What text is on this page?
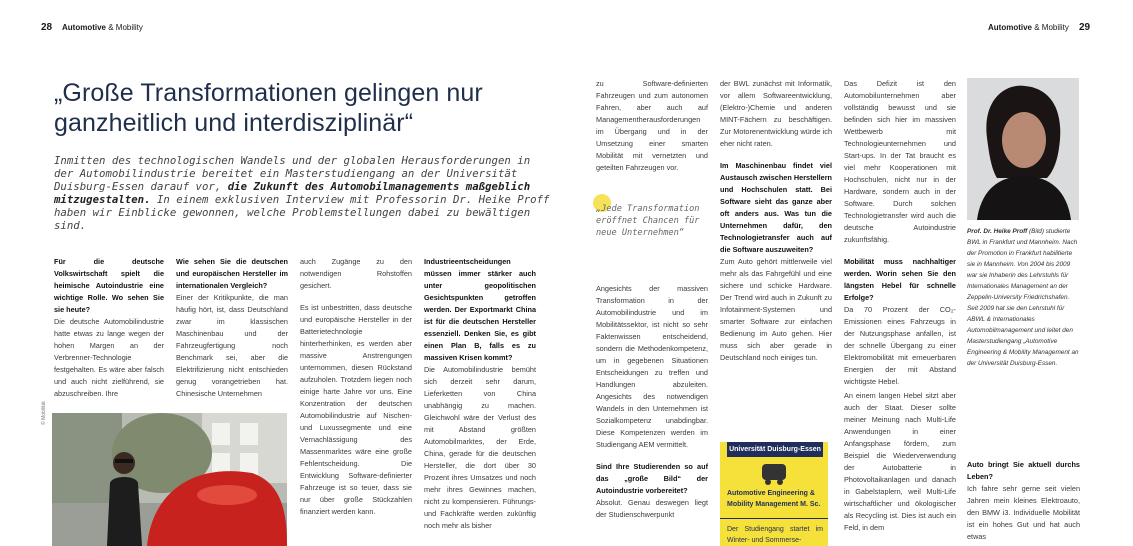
28 Automotive & Mobility	Automotive & Mobility 29
„Große Transformationen gelingen nur ganzheitlich und interdisziplinär“
Inmitten des technologischen Wandels und der globalen Herausforderungen in der Automobilindustrie bereitet ein Masterstudiengang an der Universität Duisburg-Essen darauf vor, die Zukunft des Automobilmanagements maßgeblich mitzugestalten. In einem exklusiven Interview mit Professorin Dr. Heike Proff haben wir Einblicke gewonnen, welche Problemstellungen dabei zu bewältigen sind.

Für die deutsche Volkswirtschaft spielt die heimische Autoindustrie eine wichtige Rolle. Wo sehen Sie sie heute?

Die deutsche Automobilindustrie hatte etwas zu lange wegen der hohen Margen an der Verbrenner-Technologie festgehalten. Es wäre aber falsch und auch nicht zielführend, sie abzuschreiben. Ihre

Wie sehen Sie die deutschen und europäischen Hersteller im internationalen Vergleich?

Einer der Kritikpunkte, die man häufig hört, ist, dass Deutschland zwar im klassischen Maschinenbau und der Fahrzeugfertigung noch Benchmark sei, aber die Elektrifizierung nicht entschieden genug vorangetrieben hat. Chinesische Unternehmen

auch Zugänge zu den notwendigen Rohstoffen gesichert.

Es ist unbestritten, dass deutsche und europäische Hersteller in der Batterietechnologie hinterherhinken, es werden aber massive Anstrengungen unternommen, diesen Rückstand aufzuholen. Trotzdem liegen noch einige harte Jahre vor uns. Eine Konzentration der deutschen Automobilindustrie auf Nischen- und Luxussegmente und eine Vernachlässigung des Massenmarktes wäre eine große Fehlentscheidung. Die Entwicklung Software-definierter Fahrzeuge ist so teuer, dass sie nur über große Stückzahlen finanziert werden kann.

Industrieentscheidungen müssen immer stärker auch unter geopolitischen Gesichtspunkten getroffen werden. Der Exportmarkt China ist für die deutschen Hersteller essenziell. Denken Sie, es gibt einen Plan B, falls es zu massiven Krisen kommt?

Die Automobilindustrie bemüht sich derzeit sehr darum, Lieferketten von China unabhängig zu machen. Gleichwohl wäre der Verlust des mit Abstand größten Automobilmarktes, der Erde, China, gerade für die deutschen Hersteller, die dort über 30 Prozent ihres Umsatzes und noch mehr ihres Gewinnes machen, nicht zu kompensieren. Führungs- und Fachkräfte werden zukünftig noch mehr als bisher

© Mobilität

zu Software-definierten Fahrzeugen und zum autonomen Fahren, aber auch auf Managementherausforderungen im Übergang und in der Umsetzung einer smarten Mobilität mit vernetzten und geteilten Fahrzeugen vor.

„Jede Transformation eröffnet Chancen für neue Unternehmen“

Angesichts der massiven Transformation in der Automobilindustrie und im Mobilitätssektor, ist nicht so sehr Faktenwissen entscheidend, sondern die Methodenkompetenz, um in gegebenen Situationen Entscheidungen zu treffen und Handlungen abzuleiten. Angesichts des notwendigen Wandels in den Unternehmen ist Sozialkompetenz unabdingbar. Diese Kompetenzen werden im Studiengang AEM vermittelt.

Sind Ihre Studierenden so auf das „große Bild“ der Autoindustrie vorbereitet?

Absolut. Genau deswegen liegt der Studienschwerpunkt

der BWL zunächst mit Informatik, vor allem Softwareentwicklung, (Elektro-)Chemie und anderen MINT-Fächern zu beschäftigen. Zur Motorenentwicklung würde ich eher nicht raten.

Im Maschinenbau findet viel Austausch zwischen Herstellern und Hochschulen statt. Bei Software sieht das ganze aber oft anders aus. Was tun die Unternehmen dafür, den Technologietransfer auch auf die Software auszuweiten?

Zum Auto gehört mittlerweile viel mehr als das Fahrgefühl und eine sichere und schicke Hardware. Der Trend wird auch in Zukunft zu Infotainment-Systemen und smarter Software zur einfachen Bedienung im Auto gehen. Hier muss sich aber gerade in Deutschland noch einiges tun.

Automotive Engineering & Mobility Management M. Sc.
Der Studiengang startet im Winter- und Sommerse-
Universität Duisburg-Essen

Das Defizit ist den Automobilunternehmen aber vollständig bewusst und sie befinden sich hier im massiven Wettbewerb mit Technologieunternehmen und Start-ups. In der Tat braucht es viel mehr Kooperationen mit Hochschulen, nicht nur in der Hardware, sondern auch in der Software. Durch solchen Technologietransfer wird auch die deutsche Autoindustrie zukunftsfähig.

Mobilität muss nachhaltiger werden. Worin sehen Sie den längsten Hebel für schnelle Erfolge?

Da 70 Prozent der CO₂-Emissionen eines Fahrzeugs in der Nutzungsphase anfallen, ist der schnelle Übergang zu einer Elektromobilität mit erneuerbaren Energien der mit Abstand wichtigste Hebel.

An einem langen Hebel sitzt aber auch der Staat. Dieser sollte meiner Meinung nach Multi-Life Anwendungen in einer Anfangsphase fördern, zum Beispiel die Wiederverwendung der Autobatterie in Photovoltaikanlagen und danach in Gabelstaplern, weil Multi-Life wirtschaftlicher und ökologischer als Recycling ist. Dies ist auch ein Feld, in dem

Prof. Dr. Heike Proff (Bild) studierte BWL in Frankfurt und Mannheim. Nach der Promotion in Frankfurt habilitierte sie in Mannheim. Von 2004 bis 2009 war sie Inhaberin des Lehrstuhls für Internationales Management an der Zeppelin-University Friedrichshafen. Seit 2009 hat sie den Lehrstuhl für ABWL & Internationales Automobilmanagement und leitet den Masterstudiengang „Automotive Engineering & Mobility Management an der Universität Duisburg-Essen.

Auto bringt Sie aktuell durchs Leben?

Ich fahre sehr gerne seit vielen Jahren mein kleines Elektroauto, den BMW i3. Individuelle Mobilität ist ein hohes Gut und hat auch etwas
